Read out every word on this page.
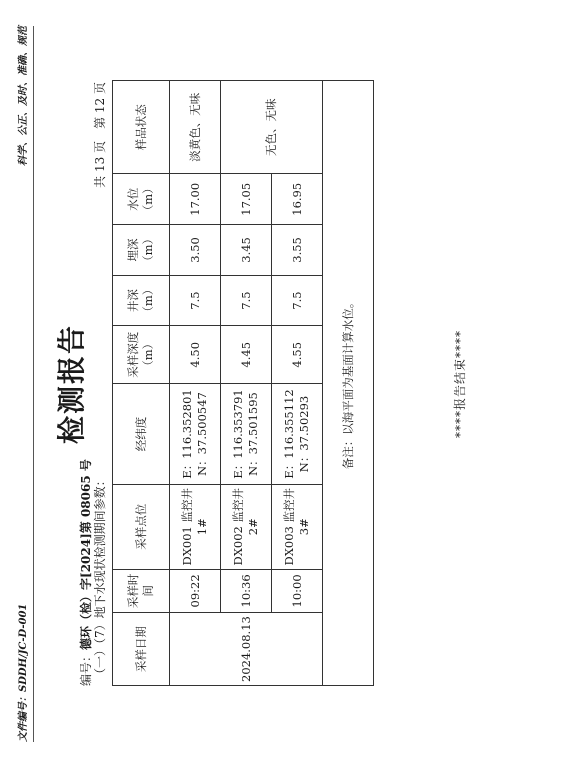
文件编号：SDDH/JC-D-001
科学、公正、及时、准确、规范
检测报告
编号：德环（检）字[2024]第 08065 号
共 13 页　第 12 页
（一）（7）地下水现状检测期间参数： 采样日期	采样时间	采样点位	经纬度	采样深度（m）	井深（m）	埋深（m）	水位（m）	样品状态
2024.08.13	09:22	DX001 监控井 1#	E：116.352801 N：37.500547	4.50	7.5	3.50	17.00	淡黄色、无味
	10:36	DX002 监控井 2#	E：116.353791 N：37.501595	4.45	7.5	3.45	17.05	无色、无味
	10:00	DX003 监控井 3#	E：116.355112 N：37.50293	4.55	7.5	3.55	16.95	
备注：以海平面为基面计算水位。									****报告结束****
